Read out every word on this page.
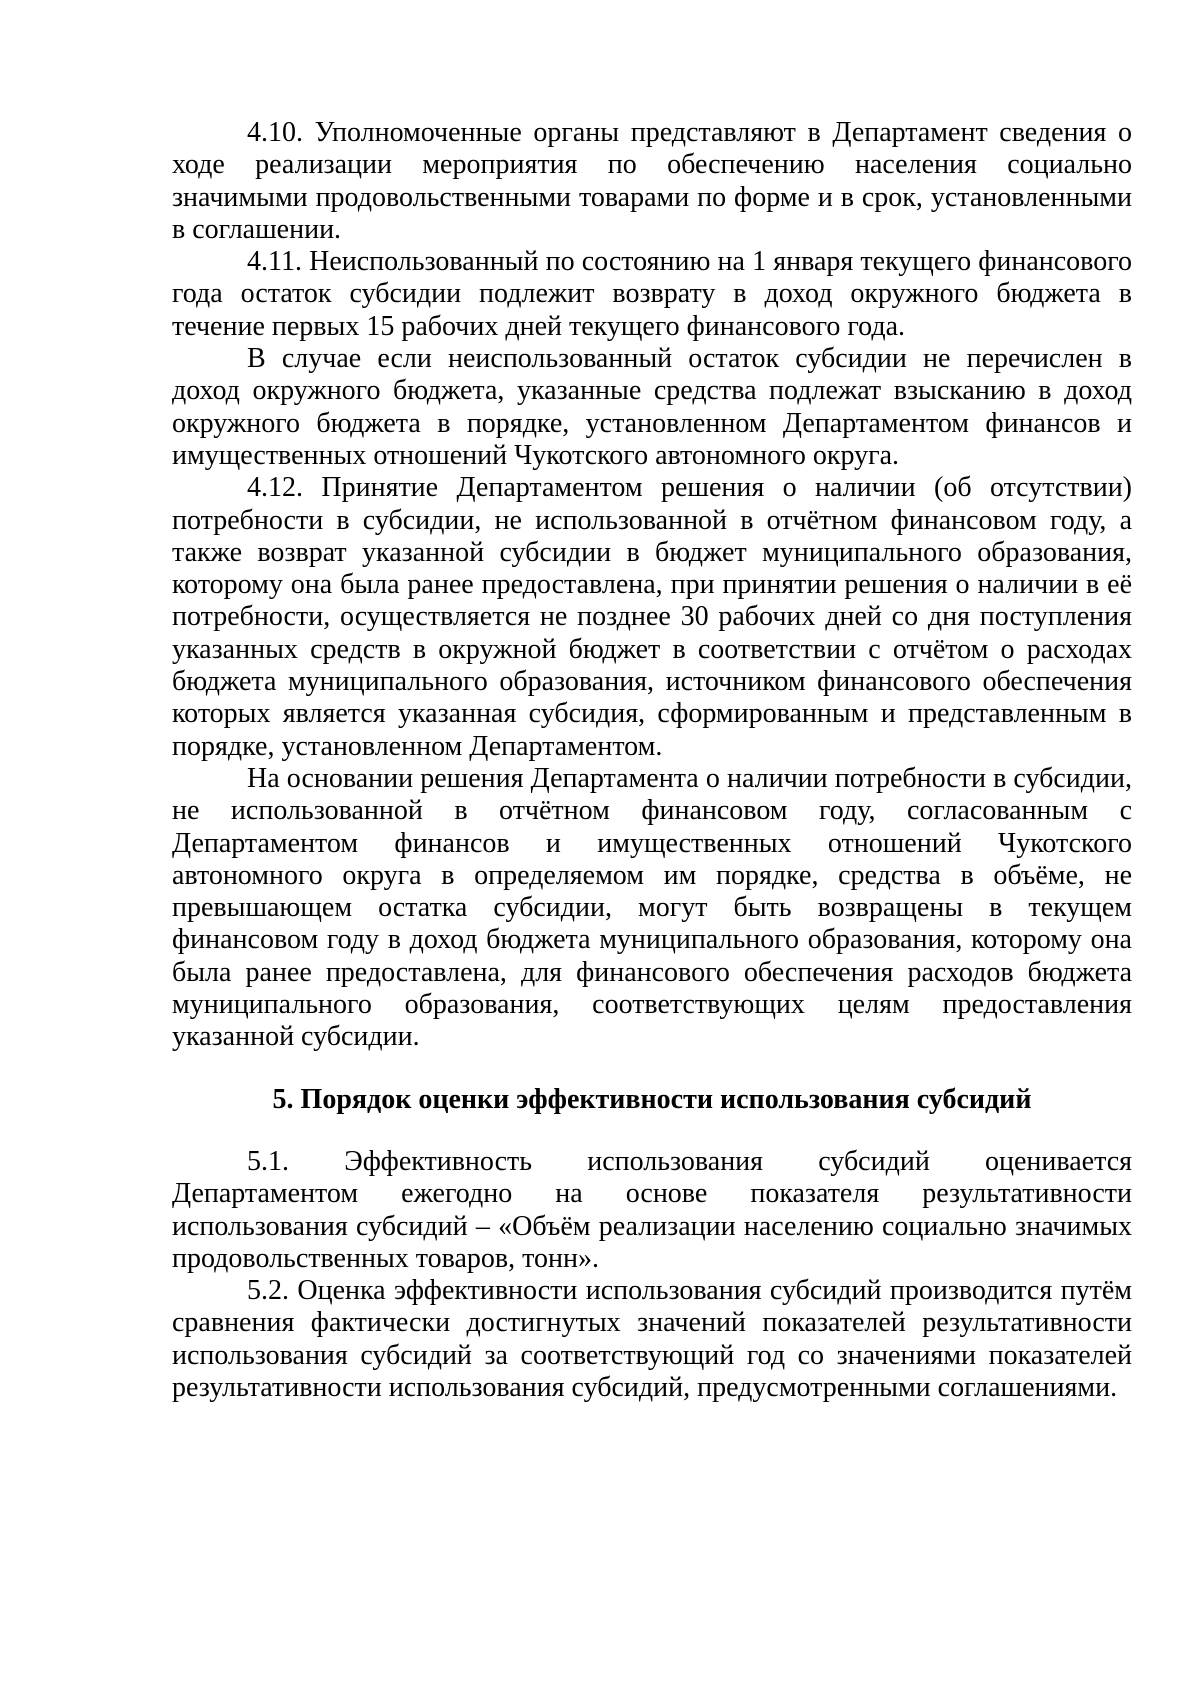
4.10. Уполномоченные органы представляют в Департамент сведения о ходе реализации мероприятия по обеспечению населения социально значимыми продовольственными товарами по форме и в срок, установленными в соглашении.

4.11. Неиспользованный по состоянию на 1 января текущего финансового года остаток субсидии подлежит возврату в доход окружного бюджета в течение первых 15 рабочих дней текущего финансового года.

В случае если неиспользованный остаток субсидии не перечислен в доход окружного бюджета, указанные средства подлежат взысканию в доход окружного бюджета в порядке, установленном Департаментом финансов и имущественных отношений Чукотского автономного округа.

4.12. Принятие Департаментом решения о наличии (об отсутствии) потребности в субсидии, не использованной в отчётном финансовом году, а также возврат указанной субсидии в бюджет муниципального образования, которому она была ранее предоставлена, при принятии решения о наличии в её потребности, осуществляется не позднее 30 рабочих дней со дня поступления указанных средств в окружной бюджет в соответствии с отчётом о расходах бюджета муниципального образования, источником финансового обеспечения которых является указанная субсидия, сформированным и представленным в порядке, установленном Департаментом.

На основании решения Департамента о наличии потребности в субсидии, не использованной в отчётном финансовом году, согласованным с Департаментом финансов и имущественных отношений Чукотского автономного округа в определяемом им порядке, средства в объёме, не превышающем остатка субсидии, могут быть возвращены в текущем финансовом году в доход бюджета муниципального образования, которому она была ранее предоставлена, для финансового обеспечения расходов бюджета муниципального образования, соответствующих целям предоставления указанной субсидии.

5. Порядок оценки эффективности использования субсидий

5.1. Эффективность использования субсидий оценивается Департаментом ежегодно на основе показателя результативности использования субсидий – «Объём реализации населению социально значимых продовольственных товаров, тонн».

5.2. Оценка эффективности использования субсидий производится путём сравнения фактически достигнутых значений показателей результативности использования субсидий за соответствующий год со значениями показателей результативности использования субсидий, предусмотренными соглашениями.
